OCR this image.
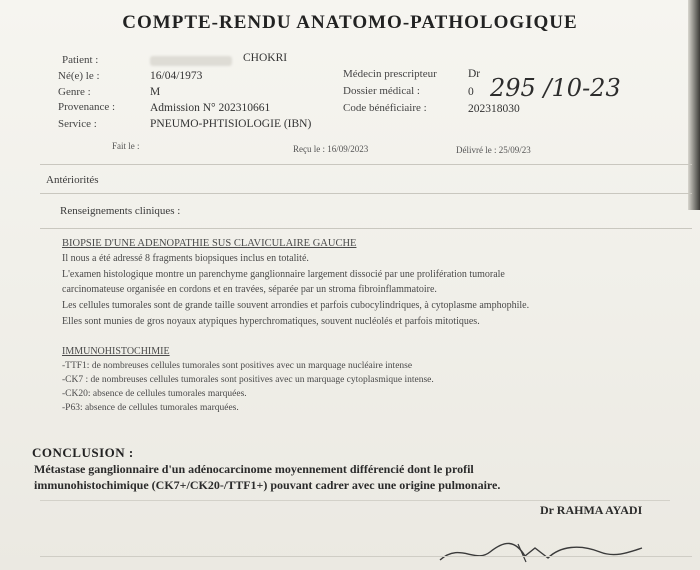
COMPTE-RENDU ANATOMO-PATHOLOGIQUE
Patient :	CHOKRI
Né(e) le :	16/04/1973
Genre :	M
Provenance :	Admission N° 202310661
Service :	PNEUMO-PHTISIOLOGIE (IBN)
Médecin prescripteur	Dr
Dossier médical :	0 295 /10-23
Code bénéficiaire :	202318030
Fait le :	Reçu le : 16/09/2023	Délivré le : 25/09/23
Antériorités
Renseignements cliniques :
BIOPSIE D'UNE ADENOPATHIE SUS CLAVICULAIRE GAUCHE
Il nous a été adressé 8 fragments biopsiques inclus en totalité.
L'examen histologique montre un parenchyme ganglionnaire largement dissocié par une prolifération tumorale
carcinomateuse organisée en cordons et en travées, séparée par un stroma fibroinflammatoire.
Les cellules tumorales sont de grande taille souvent arrondies et parfois cubocylindriques, à cytoplasme amphophile.
Elles sont munies de gros noyaux atypiques hyperchromatiques, souvent nucléolés et parfois mitotiques.
IMMUNOHISTOCHIMIE
-TTF1: de nombreuses cellules tumorales sont positives avec un marquage nucléaire intense
-CK7 : de nombreuses cellules tumorales sont positives avec un marquage cytoplasmique intense.
-CK20: absence de cellules tumorales marquées.
-P63: absence de cellules tumorales marquées.
CONCLUSION :
Métastase ganglionnaire d'un adénocarcinome moyennement différencié dont le profil
immunohistochimique (CK7+/CK20-/TTF1+) pouvant cadrer avec une origine pulmonaire.
Dr RAHMA AYADI
